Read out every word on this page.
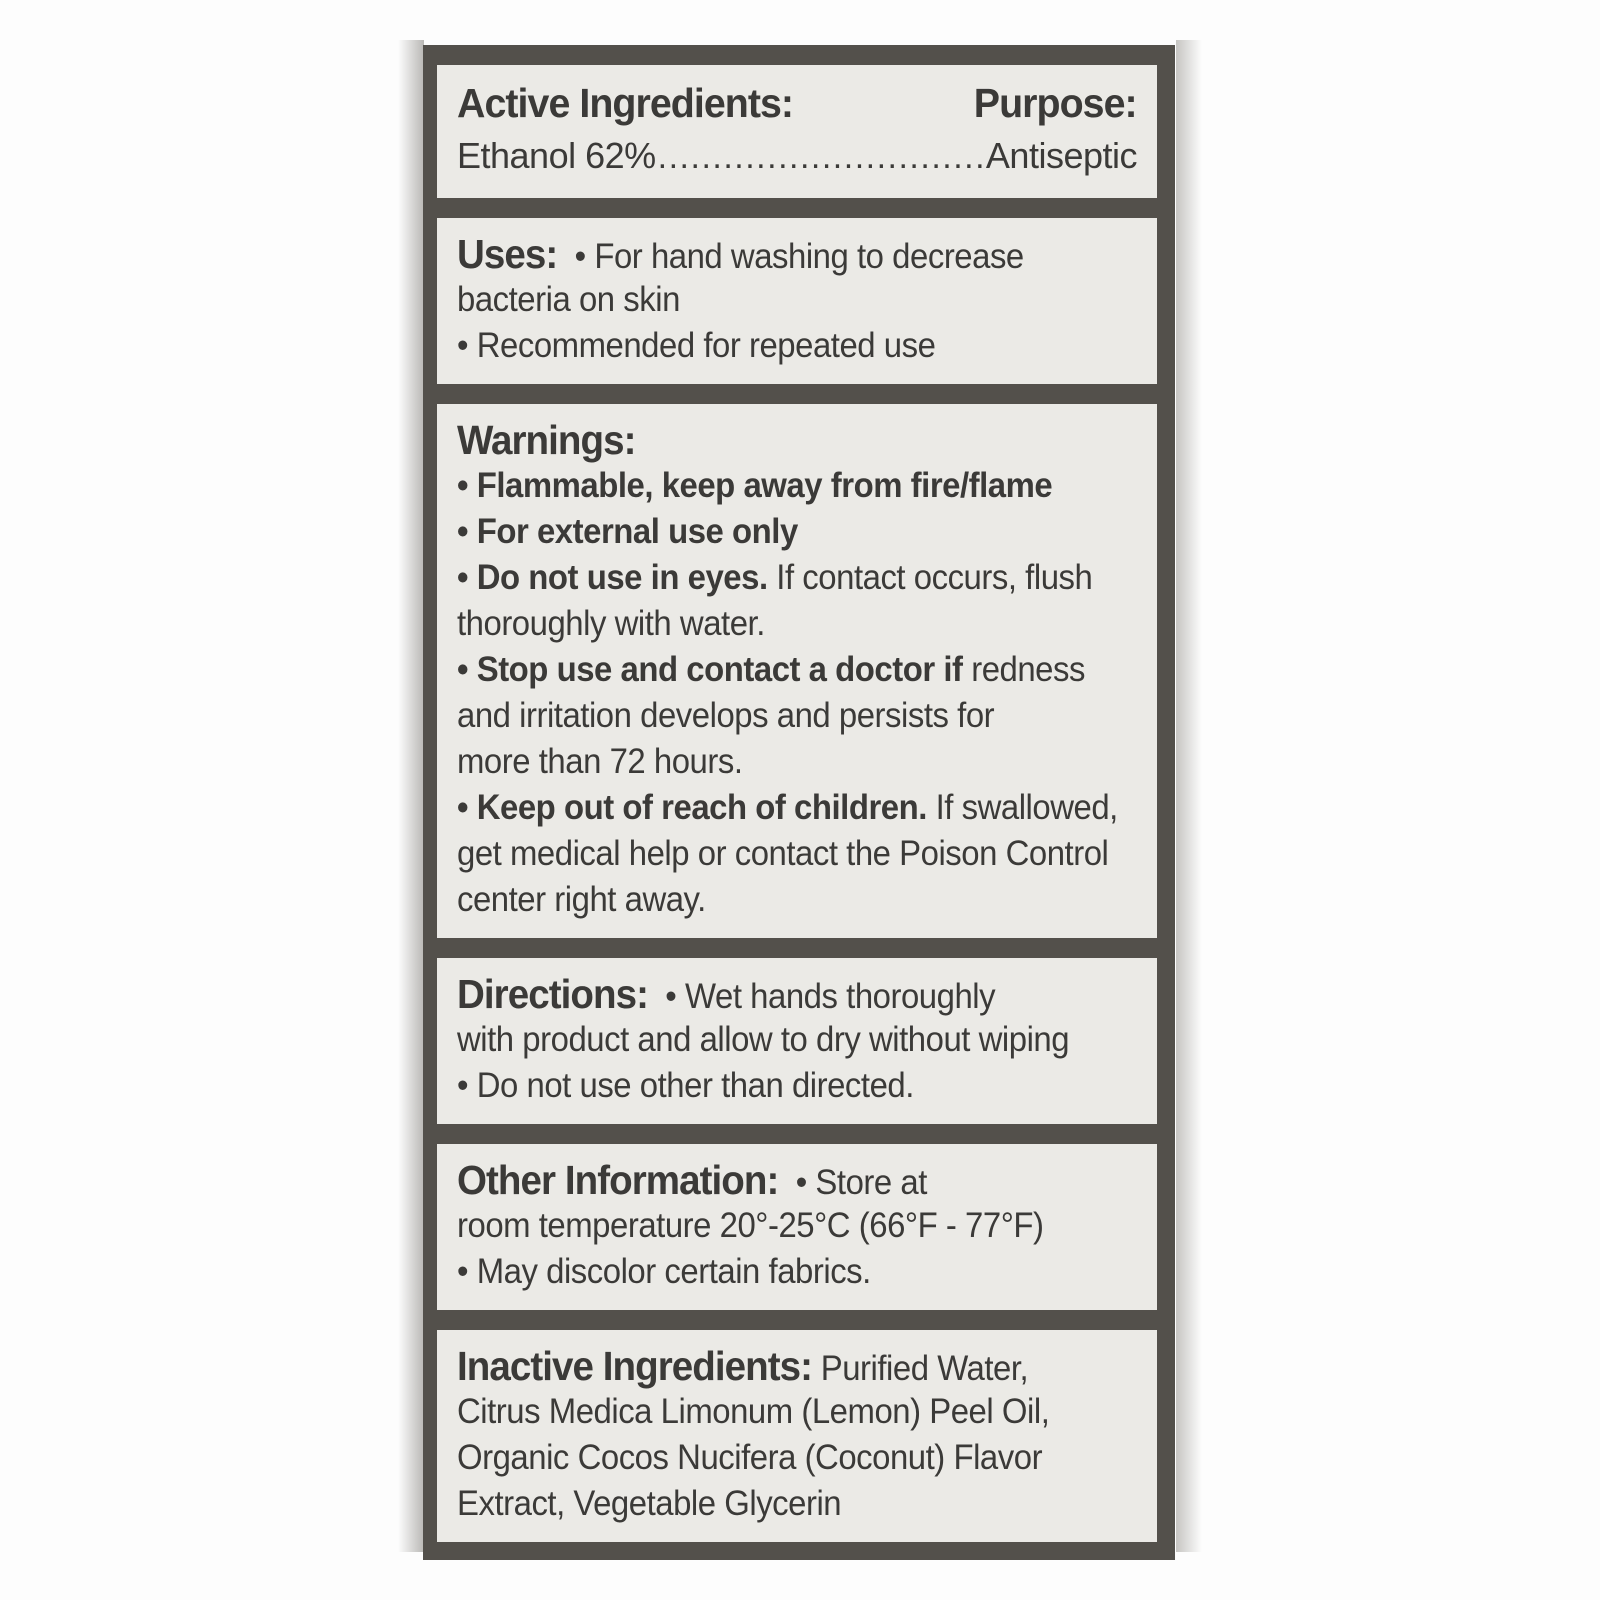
Active Ingredients:	Purpose:
Ethanol 62% .....	Antiseptic
Uses:  • For hand washing to decrease
bacteria on skin
• Recommended for repeated use
Warnings:
• Flammable, keep away from fire/flame
• For external use only
• Do not use in eyes. If contact occurs, flush
thoroughly with water.
• Stop use and contact a doctor if redness
and irritation develops and persists for
more than 72 hours.
• Keep out of reach of children. If swallowed,
get medical help or contact the Poison Control
center right away.
Directions:  • Wet hands thoroughly
with product and allow to dry without wiping
• Do not use other than directed.
Other Information:  • Store at
room temperature 20°-25°C (66°F - 77°F)
• May discolor certain fabrics.
Inactive Ingredients: Purified Water,
Citrus Medica Limonum (Lemon) Peel Oil,
Organic Cocos Nucifera (Coconut) Flavor
Extract, Vegetable Glycerin
